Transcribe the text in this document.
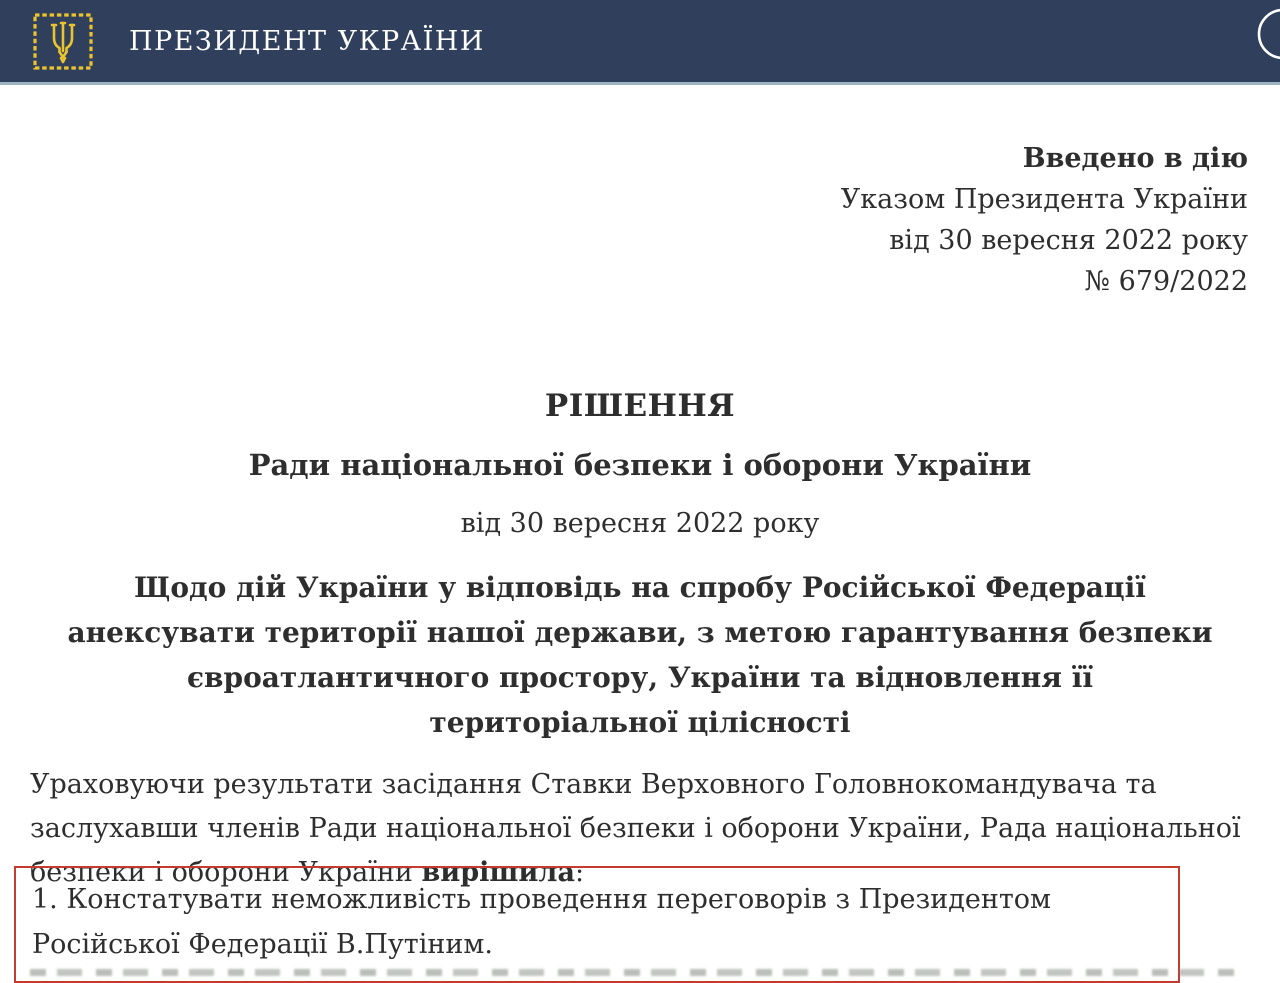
ПРЕЗИДЕНТ УКРАЇНИ
Введено в дію
Указом Президента України
від 30 вересня 2022 року
№ 679/2022
РІШЕННЯ
Ради національної безпеки і оборони України
від 30 вересня 2022 року
Щодо дій України у відповідь на спробу Російської Федерації анексувати території нашої держави, з метою гарантування безпеки євроатлантичного простору, України та відновлення її територіальної цілісності

Ураховуючи результати засідання Ставки Верховного Головнокомандувача та заслухавши членів Ради національної безпеки і оборони України, Рада національної безпеки і оборони України вирішила:

1. Констатувати неможливість проведення переговорів з Президентом Російської Федерації В.Путіним.
